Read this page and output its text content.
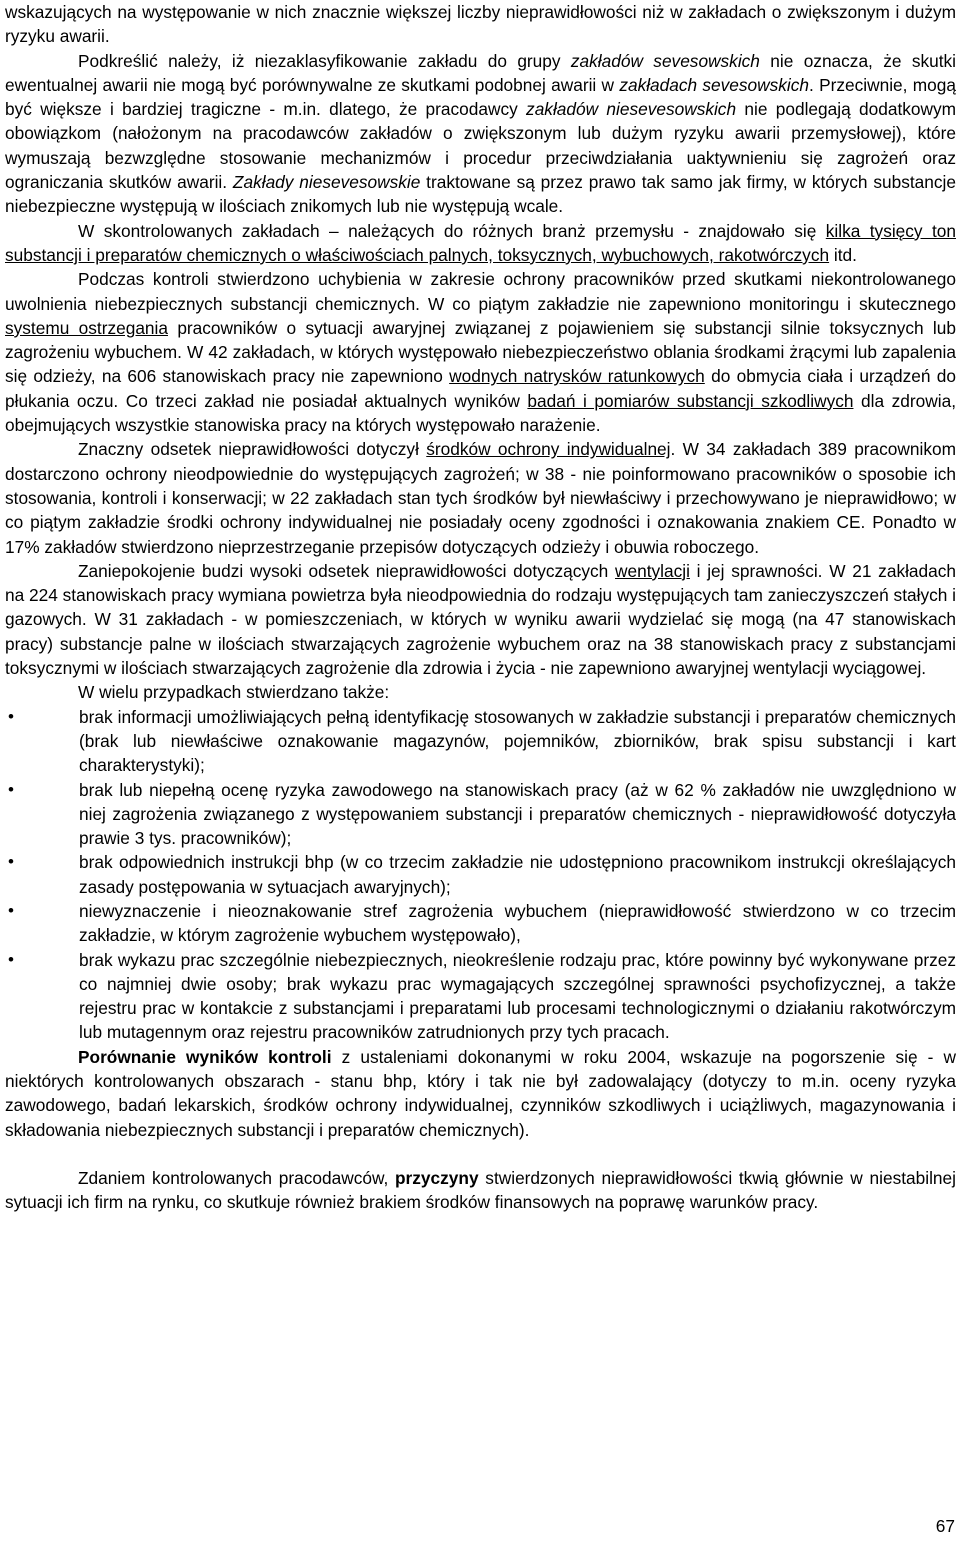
wskazujących na występowanie w nich znacznie większej liczby nieprawidłowości niż w zakładach o zwiększonym i dużym ryzyku awarii.

Podkreślić należy, iż niezaklasyfikowanie zakładu do grupy zakładów sevesowskich nie oznacza, że skutki ewentualnej awarii nie mogą być porównywalne ze skutkami podobnej awarii w zakładach sevesowskich. Przeciwnie, mogą być większe i bardziej tragiczne - m.in. dlatego, że pracodawcy zakładów niesevesowskich nie podlegają dodatkowym obowiązkom (nałożonym na pracodawców zakładów o zwiększonym lub dużym ryzyku awarii przemysłowej), które wymuszają bezwzględne stosowanie mechanizmów i procedur przeciwdziałania uaktywnieniu się zagrożeń oraz ograniczania skutków awarii. Zakłady niesevesowskie traktowane są przez prawo tak samo jak firmy, w których substancje niebezpieczne występują w ilościach znikomych lub nie występują wcale.

W skontrolowanych zakładach – należących do różnych branż przemysłu - znajdowało się kilka tysięcy ton substancji i preparatów chemicznych o właściwościach palnych, toksycznych, wybuchowych, rakotwórczych itd.

Podczas kontroli stwierdzono uchybienia w zakresie ochrony pracowników przed skutkami niekontrolowanego uwolnienia niebezpiecznych substancji chemicznych. W co piątym zakładzie nie zapewniono monitoringu i skutecznego systemu ostrzegania pracowników o sytuacji awaryjnej związanej z pojawieniem się substancji silnie toksycznych lub zagrożeniu wybuchem. W 42 zakładach, w których występowało niebezpieczeństwo oblania środkami żrącymi lub zapalenia się odzieży, na 606 stanowiskach pracy nie zapewniono wodnych natrysków ratunkowych do obmycia ciała i urządzeń do płukania oczu. Co trzeci zakład nie posiadał aktualnych wyników badań i pomiarów substancji szkodliwych dla zdrowia, obejmujących wszystkie stanowiska pracy na których występowało narażenie.

Znaczny odsetek nieprawidłowości dotyczył środków ochrony indywidualnej. W 34 zakładach 389 pracownikom dostarczono ochrony nieodpowiednie do występujących zagrożeń; w 38 - nie poinformowano pracowników o sposobie ich stosowania, kontroli i konserwacji; w 22 zakładach stan tych środków był niewłaściwy i przechowywano je nieprawidłowo; w co piątym zakładzie środki ochrony indywidualnej nie posiadały oceny zgodności i oznakowania znakiem CE. Ponadto w 17% zakładów stwierdzono nieprzestrzeganie przepisów dotyczących odzieży i obuwia roboczego.

Zaniepokojenie budzi wysoki odsetek nieprawidłowości dotyczących wentylacji i jej sprawności. W 21 zakładach na 224 stanowiskach pracy wymiana powietrza była nieodpowiednia do rodzaju występujących tam zanieczyszczeń stałych i gazowych. W 31 zakładach - w pomieszczeniach, w których w wyniku awarii wydzielać się mogą (na 47 stanowiskach pracy) substancje palne w ilościach stwarzających zagrożenie wybuchem oraz na 38 stanowiskach pracy z substancjami toksycznymi w ilościach stwarzających zagrożenie dla zdrowia i życia - nie zapewniono awaryjnej wentylacji wyciągowej.

W wielu przypadkach stwierdzano także:

•	brak informacji umożliwiających pełną identyfikację stosowanych w zakładzie substancji i preparatów chemicznych (brak lub niewłaściwe oznakowanie magazynów, pojemników, zbiorników, brak spisu substancji i kart charakterystyki);
•	brak lub niepełną ocenę ryzyka zawodowego na stanowiskach pracy (aż w 62 % zakładów nie uwzględniono w niej zagrożenia związanego z występowaniem substancji i preparatów chemicznych - nieprawidłowość dotyczyła prawie 3 tys. pracowników);
•	brak odpowiednich instrukcji bhp (w co trzecim zakładzie nie udostępniono pracownikom instrukcji określających zasady postępowania w sytuacjach awaryjnych);
•	niewyznaczenie i nieoznakowanie stref zagrożenia wybuchem (nieprawidłowość stwierdzono w co trzecim zakładzie, w którym zagrożenie wybuchem występowało),
•	brak wykazu prac szczególnie niebezpiecznych, nieokreślenie rodzaju prac, które powinny być wykonywane przez co najmniej dwie osoby; brak wykazu prac wymagających szczególnej sprawności psychofizycznej, a także rejestru prac w kontakcie z substancjami i preparatami lub procesami technologicznymi o działaniu rakotwórczym lub mutagennym oraz rejestru pracowników zatrudnionych przy tych pracach.

Porównanie wyników kontroli z ustaleniami dokonanymi w roku 2004, wskazuje na pogorszenie się - w niektórych kontrolowanych obszarach - stanu bhp, który i tak nie był zadowalający (dotyczy to m.in. oceny ryzyka zawodowego, badań lekarskich, środków ochrony indywidualnej, czynników szkodliwych i uciążliwych, magazynowania i składowania niebezpiecznych substancji i preparatów chemicznych).

Zdaniem kontrolowanych pracodawców, przyczyny stwierdzonych nieprawidłowości tkwią głównie w niestabilnej sytuacji ich firm na rynku, co skutkuje również brakiem środków finansowych na poprawę warunków pracy.

67
